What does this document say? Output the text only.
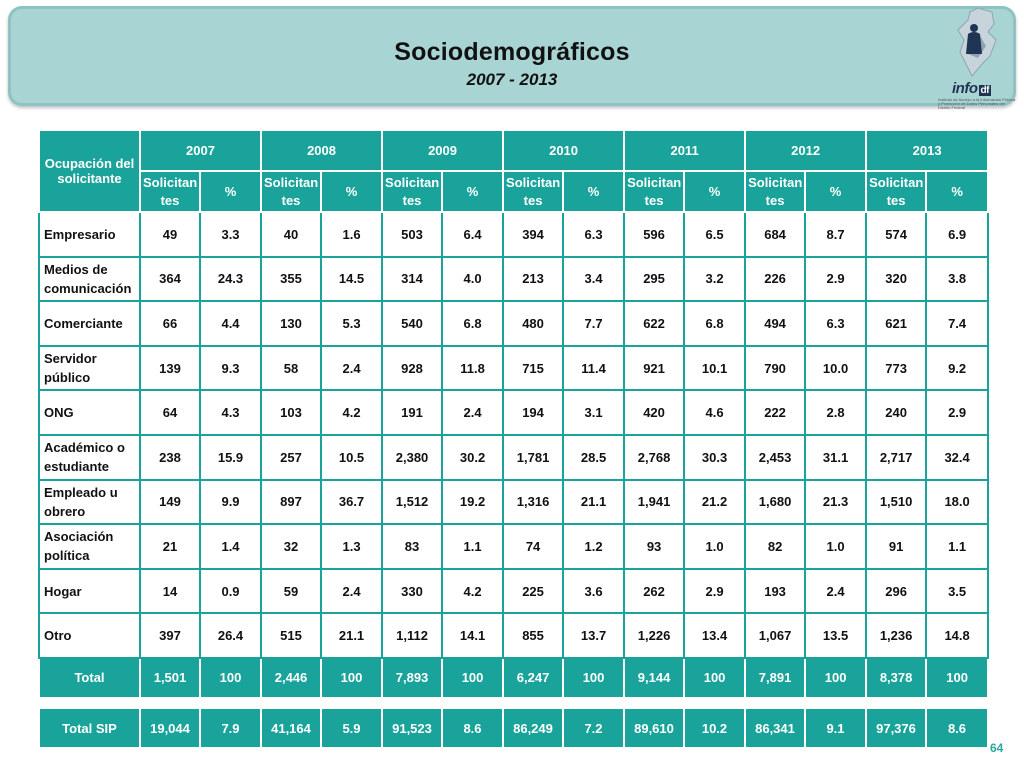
Sociodemográficos
2007 - 2013	info df
Instituto de Acceso a la Información Pública y Protección de Datos Personales del Distrito Federal
Ocupación del solicitante	2007		2008		2009		2010		2011		2012		2013	
	Solicitan tes	%	Solicitan tes	%	Solicitan tes	%	Solicitan tes	%	Solicitan tes	%	Solicitan tes	%	Solicitan tes	%
Empresario	49	3.3	40	1.6	503	6.4	394	6.3	596	6.5	684	8.7	574	6.9
Medios de comunicación	364	24.3	355	14.5	314	4.0	213	3.4	295	3.2	226	2.9	320	3.8
Comerciante	66	4.4	130	5.3	540	6.8	480	7.7	622	6.8	494	6.3	621	7.4
Servidor público	139	9.3	58	2.4	928	11.8	715	11.4	921	10.1	790	10.0	773	9.2
ONG	64	4.3	103	4.2	191	2.4	194	3.1	420	4.6	222	2.8	240	2.9
Académico o estudiante	238	15.9	257	10.5	2,380	30.2	1,781	28.5	2,768	30.3	2,453	31.1	2,717	32.4
Empleado u obrero	149	9.9	897	36.7	1,512	19.2	1,316	21.1	1,941	21.2	1,680	21.3	1,510	18.0
Asociación política	21	1.4	32	1.3	83	1.1	74	1.2	93	1.0	82	1.0	91	1.1
Hogar	14	0.9	59	2.4	330	4.2	225	3.6	262	2.9	193	2.4	296	3.5
Otro	397	26.4	515	21.1	1,112	14.1	855	13.7	1,226	13.4	1,067	13.5	1,236	14.8
Total	1,501	100	2,446	100	7,893	100	6,247	100	9,144	100	7,891	100	8,378	100
Total SIP	19,044	7.9	41,164	5.9	91,523	8.6	86,249	7.2	89,610	10.2	86,341	9.1	97,376	8.6
64
